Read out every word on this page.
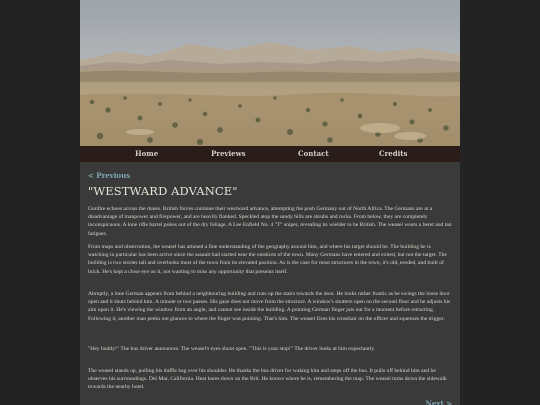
Home	Previews	Contact	Credits
< Previous
"WESTWARD ADVANCE"

Gunfire echoes across the dunes. British forces continue their westward advance, attempting the push Germany out of North Africa. The Germans are at a disadvantage of manpower and firepower, and are heavily flanked. Speckled atop the sandy hills are shrubs and rocks. From below, they are completely inconspicuous. A lone rifle barrel pokes out of the dry foliage. A Lee Enfield No. 4 "T" sniper, revealing its wielder to be British. The weasel wears a beret and tan fatigues.

From maps and observation, the weasel has attuned a fine understanding of the geography around him, and where his target should be. The building he is watching in particular has been active since the assault had started near the outskirts of the town. Many Germans have entered and exited, but not the target. The building is two stories tall and overlooks most of the town from its elevated position. As is the case for most structures in the town, it's old, eroded, and built of brick. He's kept a close eye on it, not wanting to miss any opportunity that presents itself.

Abruptly, a lone German appears from behind a neighbouring building and runs up the stairs towards the door. He looks rather frantic as he swings the loose door open and it shuts behind him. A minute or two passes. His gaze does not move from the structure. A window's shutters open on the second floor and he adjusts his aim upon it. He's viewing the window from an angle, and cannot see inside the building. A pointing German finger juts out for a moment before retracting. Following it, another man peeks out glances to where the finger was pointing. That's him. The weasel fixes his crosshair on the officer and squeezes the trigger.

"Hey buddy!" The bus driver announces. The weasel's eyes shoot open. "This is your stop!" The driver looks at him expectantly.

The weasel stands up, pulling his duffle bag over his shoulder. He thanks the bus driver for waking him and steps off the bus. It pulls off behind him and he observes his surroundings. Del Mar, California. Heat bares down on the Brit. He knows where he is, remembering the map. The weasel turns down the sidewalk towards the nearby hotel.

Next >
